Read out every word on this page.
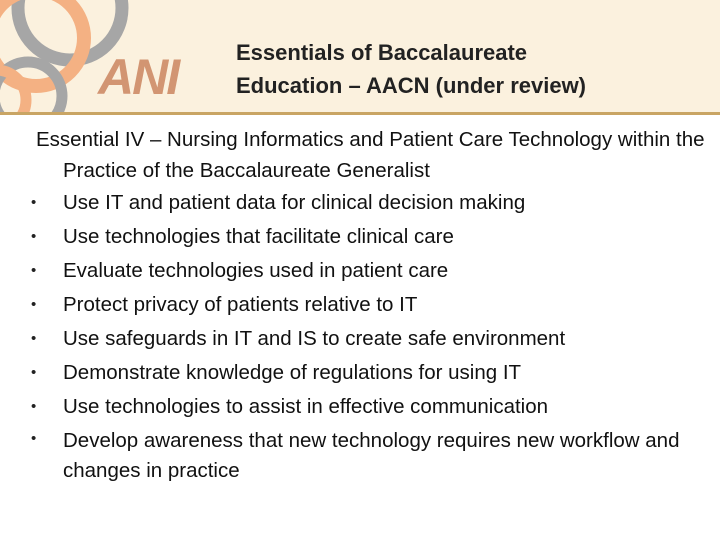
ANI	Essentials of Baccalaureate
Education – AACN (under review)

Essential IV – Nursing Informatics and Patient Care Technology within the Practice of the Baccalaureate Generalist

•	Use IT and patient data for clinical decision making
•	Use technologies that facilitate clinical care
•	Evaluate technologies used in patient care
•	Protect privacy of patients relative to IT
•	Use safeguards in IT and IS to create safe environment
•	Demonstrate knowledge of regulations for using IT
•	Use technologies to assist in effective communication
•	Develop awareness that new technology requires new workflow and changes in practice
